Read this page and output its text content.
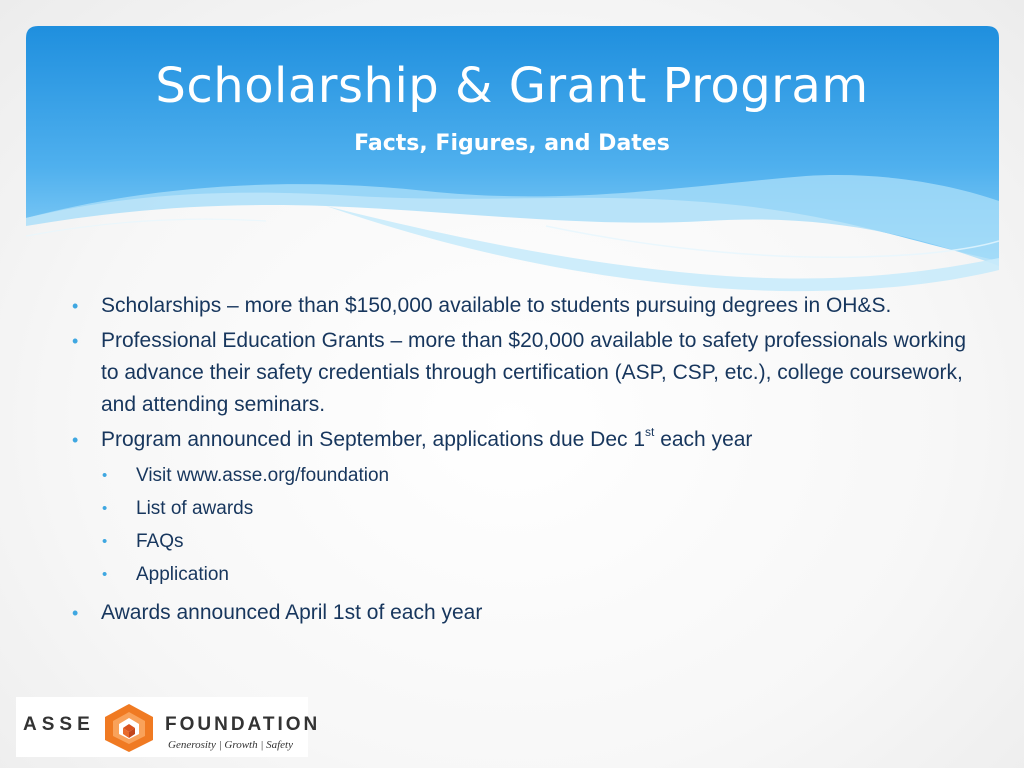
Scholarship & Grant Program
Facts, Figures, and Dates
• Scholarships – more than $150,000 available to students pursuing degrees in OH&S.
• Professional Education Grants – more than $20,000 available to safety professionals working to advance their safety credentials through certification (ASP, CSP, etc.), college coursework, and attending seminars.
• Program announced in September, applications due Dec 1st each year
• Visit www.asse.org/foundation
• List of awards
• FAQs
• Application
• Awards announced April 1st of each year
ASSE	FOUNDATION
Generosity | Growth | Safety
